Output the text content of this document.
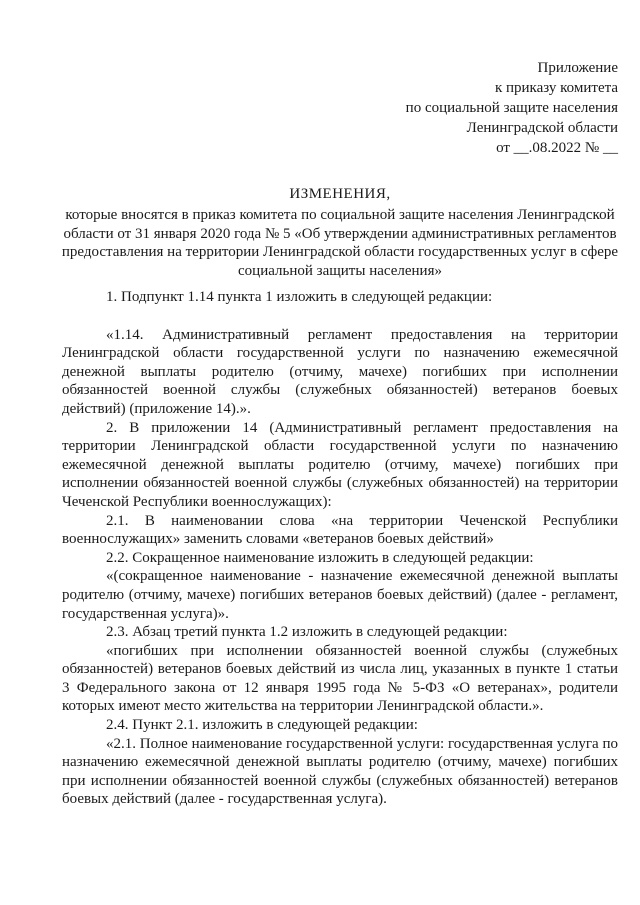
Приложение
к приказу комитета
по социальной защите населения
Ленинградской области
от __.08.2022 № __
ИЗМЕНЕНИЯ,
которые вносятся в приказ комитета по социальной защите населения Ленинградской области от 31 января 2020 года № 5 «Об утверждении административных регламентов предоставления на территории Ленинградской области государственных услуг в сфере социальной защиты населения»

1. Подпункт 1.14 пункта 1 изложить в следующей редакции:

«1.14. Административный регламент предоставления на территории Ленинградской области государственной услуги по назначению ежемесячной денежной выплаты родителю (отчиму, мачехе) погибших при исполнении обязанностей военной службы (служебных обязанностей) ветеранов боевых действий) (приложение 14).».

2. В приложении 14 (Административный регламент предоставления на территории Ленинградской области государственной услуги по назначению ежемесячной денежной выплаты родителю (отчиму, мачехе) погибших при исполнении обязанностей военной службы (служебных обязанностей) на территории Чеченской Республики военнослужащих):

2.1. В наименовании слова «на территории Чеченской Республики военнослужащих» заменить словами «ветеранов боевых действий»

2.2. Сокращенное наименование изложить в следующей редакции:

«(сокращенное наименование - назначение ежемесячной денежной выплаты родителю (отчиму, мачехе) погибших ветеранов боевых действий) (далее - регламент, государственная услуга)».

2.3. Абзац третий пункта 1.2 изложить в следующей редакции:

«погибших при исполнении обязанностей военной службы (служебных обязанностей) ветеранов боевых действий из числа лиц, указанных в пункте 1 статьи 3 Федерального закона от 12 января 1995 года № 5-ФЗ «О ветеранах», родители которых имеют место жительства на территории Ленинградской области.».

2.4. Пункт 2.1. изложить в следующей редакции:

«2.1. Полное наименование государственной услуги: государственная услуга по назначению ежемесячной денежной выплаты родителю (отчиму, мачехе) погибших при исполнении обязанностей военной службы (служебных обязанностей) ветеранов боевых действий (далее - государственная услуга).
